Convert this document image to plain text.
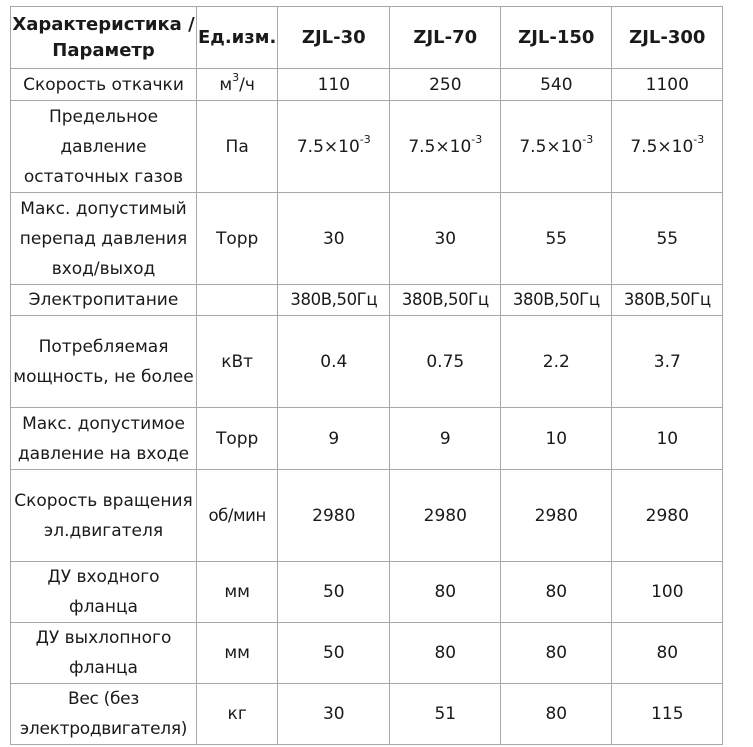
Характеристика / Параметр	Ед.изм.	ZJL-30	ZJL-70	ZJL-150	ZJL-300
Скорость откачки	$м^3/ч$	110	250	540	1100
Предельное давление остаточных газов	Па	$7.5\times 10^{-3}$	$7.5\times 10^{-3}$	$7.5\times 10^{-3}$	$7.5\times 10^{-3}$
Макс. допустимый перепад давления вход/выход	Торр	30	30	55	55
Электропитание		380В,50Гц	380В,50Гц	380В,50Гц	380В,50Гц
Потребляемая мощность, не более	кВт	0.4	0.75	2.2	3.7
Макс. допустимое давление на входе	Торр	9	9	10	10
Скорость вращения эл.двигателя	об/мин	2980	2980	2980	2980
ДУ входного фланца	мм	50	80	80	100
ДУ выхлопного фланца	мм	50	80	80	80
Вес (без электродвигателя)	кг	30	51	80	115
